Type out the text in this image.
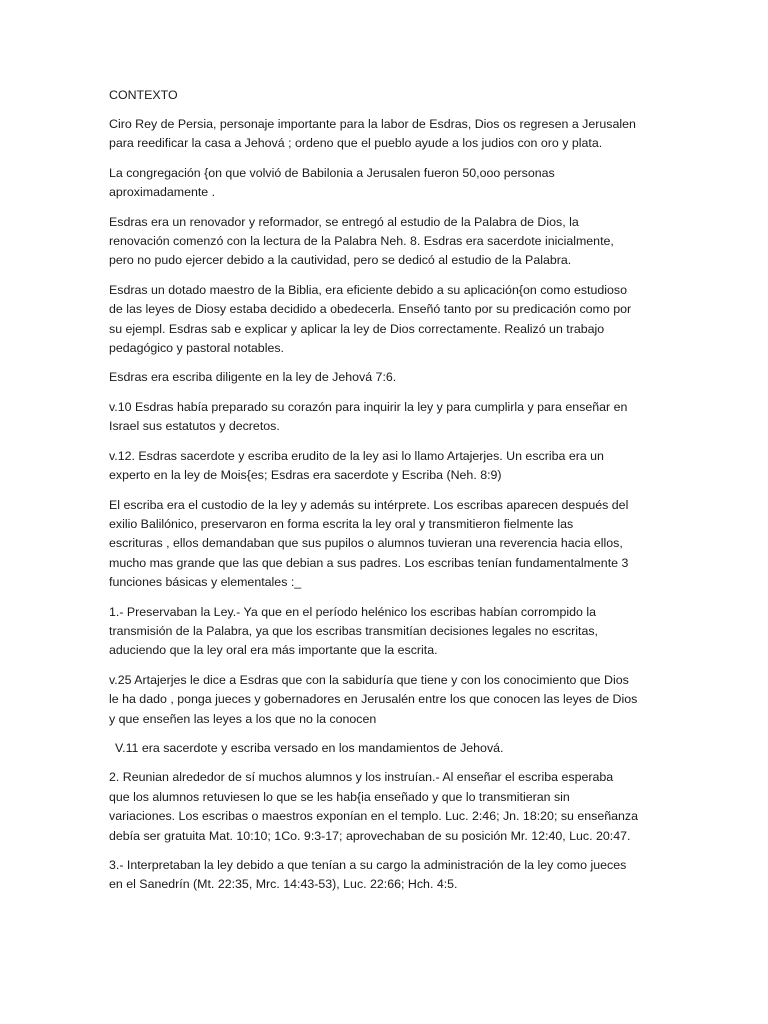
CONTEXTO
Ciro Rey de Persia, personaje importante para la labor de Esdras, Dios os regresen a Jerusalen
para reedificar la casa a Jehová ; ordeno que el pueblo ayude a los judios con oro y plata.
La congregación {on que volvió de Babilonia a Jerusalen fueron 50,ooo personas
aproximadamente .
Esdras era un renovador y reformador, se entregó al estudio de la Palabra de Dios, la
renovación comenzó con la lectura de la Palabra Neh. 8. Esdras era sacerdote inicialmente,
pero no pudo ejercer debido a la cautividad, pero se dedicó al estudio de la Palabra.
Esdras un dotado maestro de la Biblia, era eficiente debido a su aplicación{on como estudioso
de las leyes de Diosy estaba decidido a obedecerla. Enseñó tanto por su predicación como por
su ejempl. Esdras sab e explicar y aplicar la ley de Dios correctamente. Realizó un trabajo
pedagógico y pastoral notables.
Esdras era escriba diligente en la ley de Jehová 7:6.
v.10 Esdras había preparado su corazón para inquirir la ley y para cumplirla y para enseñar en
Israel sus estatutos y decretos.
v.12. Esdras sacerdote y escriba erudito de la ley asi lo llamo Artajerjes. Un escriba era un
experto en la ley de Mois{es; Esdras era sacerdote y Escriba (Neh. 8:9)
El escriba era el custodio de la ley y además su intérprete. Los escribas aparecen después del
exilio Balilónico, preservaron en forma escrita la ley oral y transmitieron fielmente las
escrituras , ellos demandaban que sus pupilos o alumnos tuvieran una reverencia hacia ellos,
mucho mas grande que las que debian a sus padres. Los escribas tenían fundamentalmente 3
funciones básicas y elementales :_
1.- Preservaban la Ley.- Ya que en el período helénico los escribas habían corrompido la
transmisión de la Palabra, ya que los escribas transmitían decisiones legales no escritas,
aduciendo que la ley oral era más importante que la escrita.
v.25 Artajerjes le dice a Esdras que con la sabiduría que tiene y con los conocimiento que Dios
le ha dado , ponga jueces y gobernadores en Jerusalén entre los que conocen las leyes de Dios
y que enseñen las leyes a los que no la conocen
V.11 era sacerdote y escriba versado en los mandamientos de Jehová.
2. Reunian alrededor de sí muchos alumnos y los instruían.- Al enseñar el escriba esperaba
que los alumnos retuviesen lo que se les hab{ia enseñado y que lo transmitieran sin
variaciones. Los escribas o maestros exponían en el templo. Luc. 2:46; Jn. 18:20; su enseñanza
debía ser gratuita Mat. 10:10; 1Co. 9:3-17; aprovechaban de su posición Mr. 12:40, Luc. 20:47.
3.- Interpretaban la ley debido a que tenían a su cargo la administración de la ley como jueces
en el Sanedrín (Mt. 22:35, Mrc. 14:43-53), Luc. 22:66; Hch. 4:5.
